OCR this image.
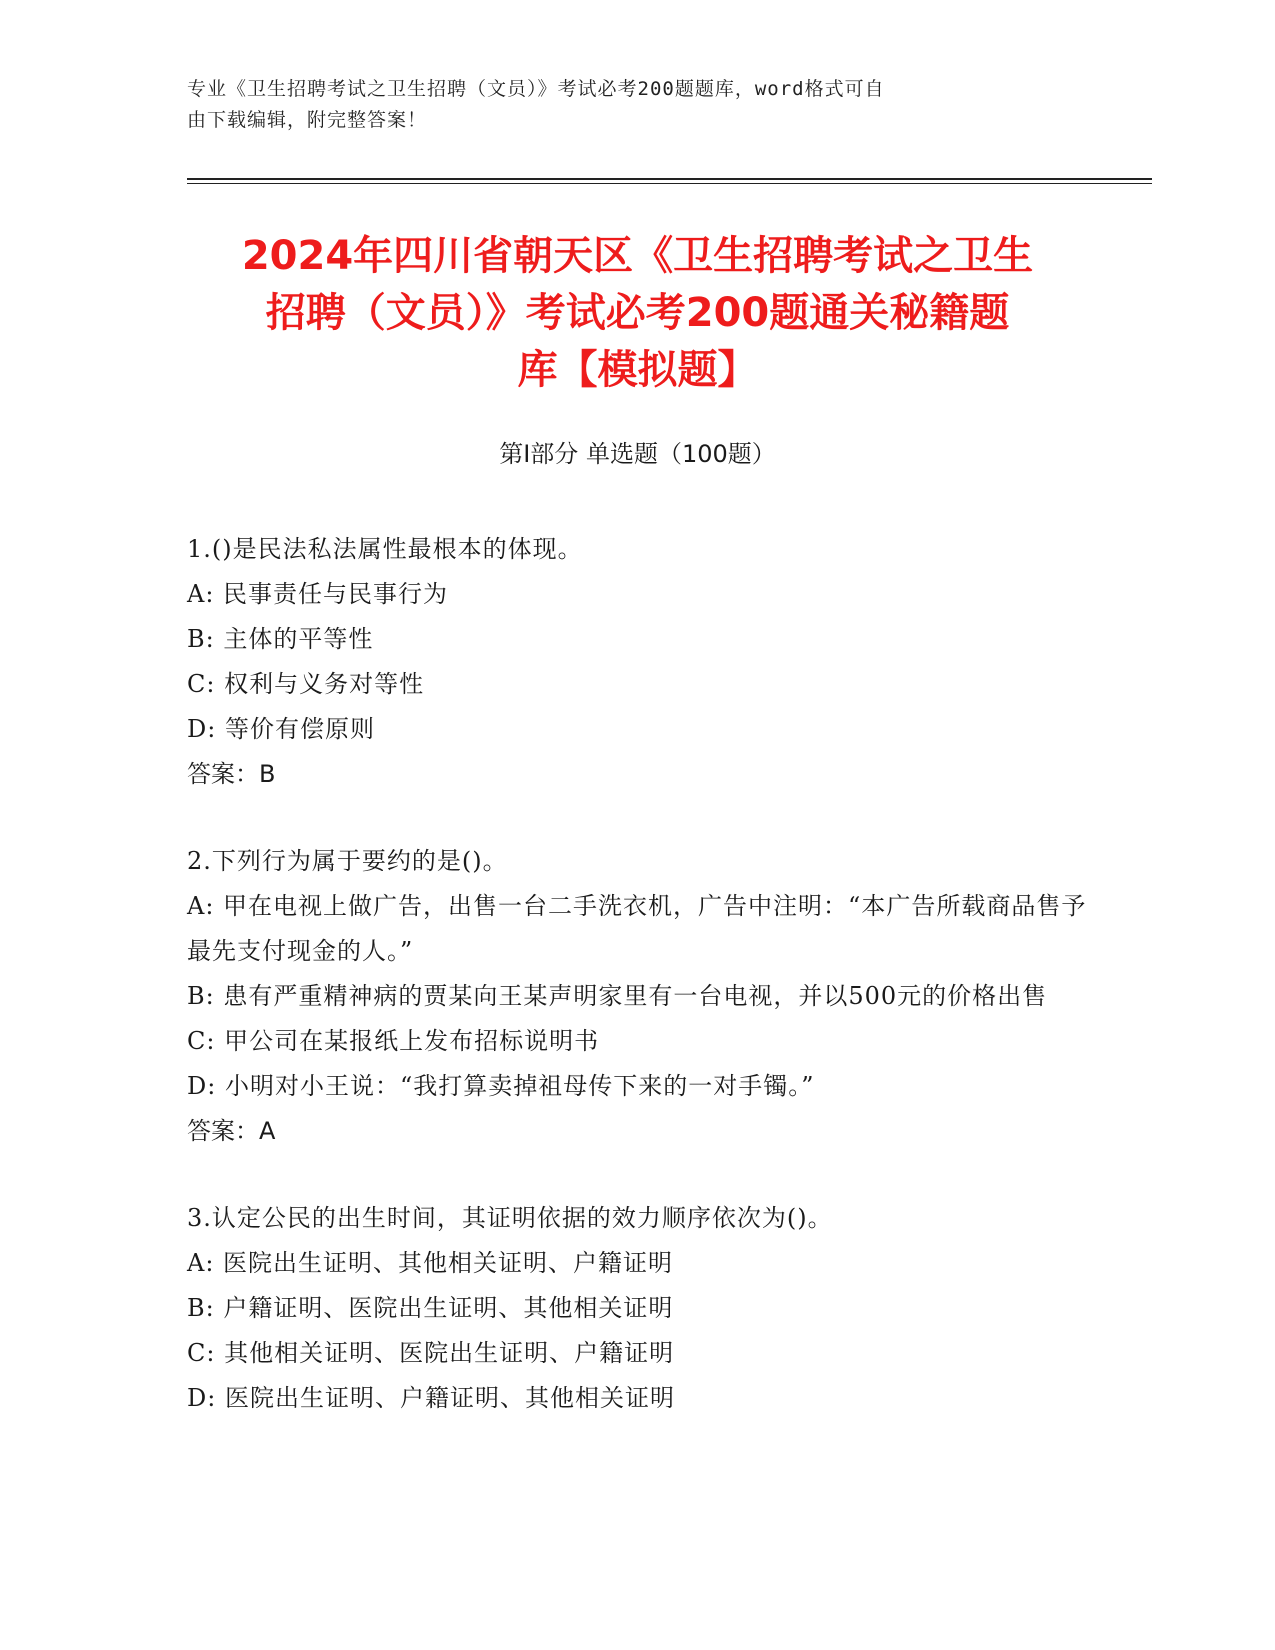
专业《卫生招聘考试之卫生招聘（文员）》考试必考200题题库，word格式可自
由下载编辑，附完整答案！
2024年四川省朝天区《卫生招聘考试之卫生
招聘（文员）》考试必考200题通关秘籍题
库【模拟题】
第Ⅰ部分 单选题（100题）
1.()是民法私法属性最根本的体现。
A: 民事责任与民事行为
B: 主体的平等性
C: 权利与义务对等性
D: 等价有偿原则
答案：B
2.下列行为属于要约的是()。
A: 甲在电视上做广告，出售一台二手洗衣机，广告中注明：“本广告所载商品售予最先支付现金的人。”
B: 患有严重精神病的贾某向王某声明家里有一台电视，并以500元的价格出售
C: 甲公司在某报纸上发布招标说明书
D: 小明对小王说：“我打算卖掉祖母传下来的一对手镯。”
答案：A
3.认定公民的出生时间，其证明依据的效力顺序依次为()。
A: 医院出生证明、其他相关证明、户籍证明
B: 户籍证明、医院出生证明、其他相关证明
C: 其他相关证明、医院出生证明、户籍证明
D: 医院出生证明、户籍证明、其他相关证明
